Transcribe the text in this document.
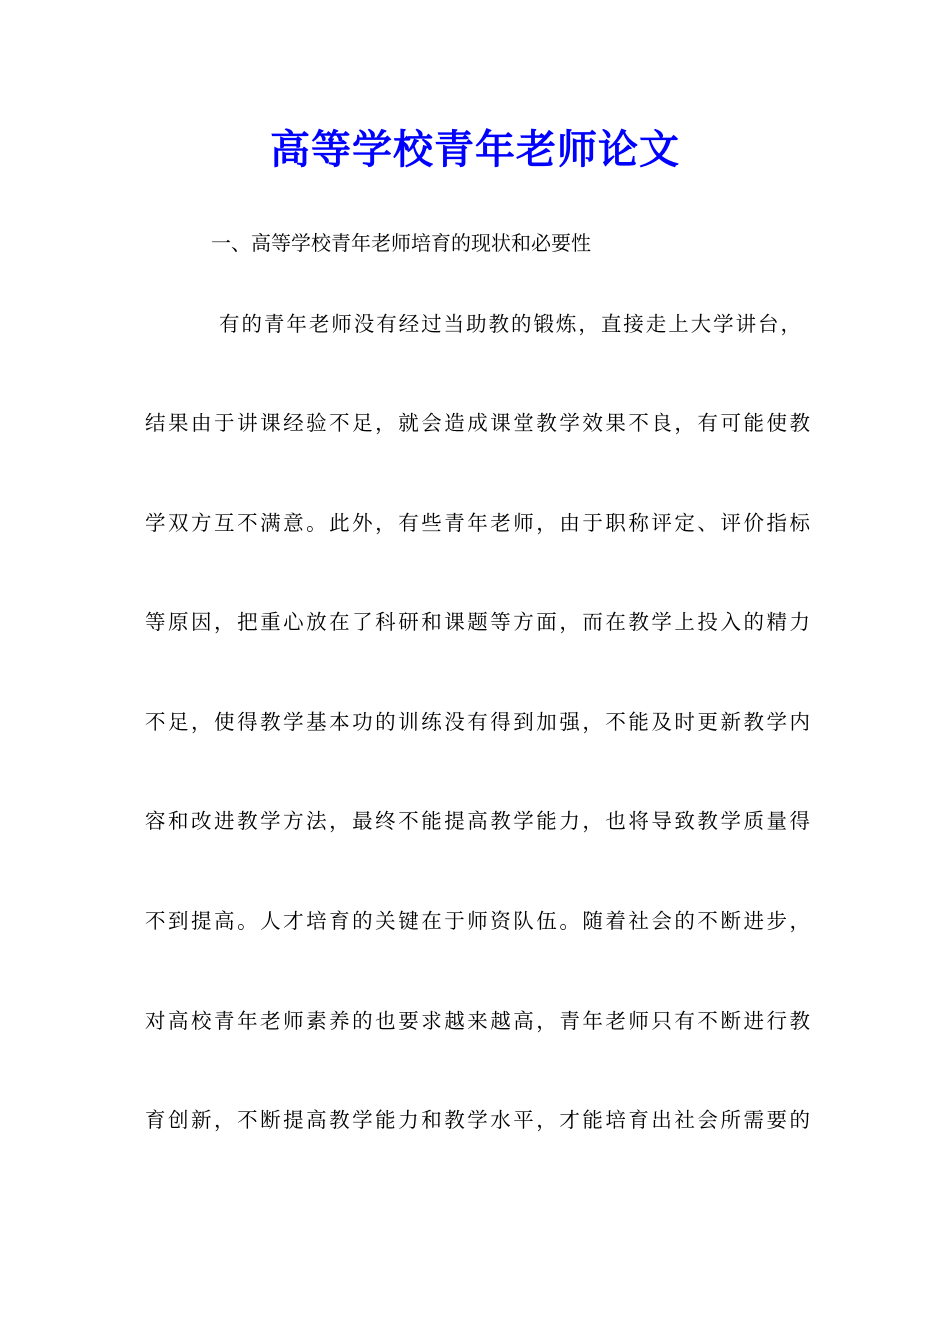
高等学校青年老师论文

一、高等学校青年老师培育的现状和必要性

有的青年老师没有经过当助教的锻炼，直接走上大学讲台，

结果由于讲课经验不足，就会造成课堂教学效果不良，有可能使教

学双方互不满意。此外，有些青年老师，由于职称评定、评价指标

等原因，把重心放在了科研和课题等方面，而在教学上投入的精力

不足，使得教学基本功的训练没有得到加强，不能及时更新教学内

容和改进教学方法，最终不能提高教学能力，也将导致教学质量得

不到提高。人才培育的关键在于师资队伍。随着社会的不断进步，

对高校青年老师素养的也要求越来越高，青年老师只有不断进行教

育创新，不断提高教学能力和教学水平，才能培育出社会所需要的
